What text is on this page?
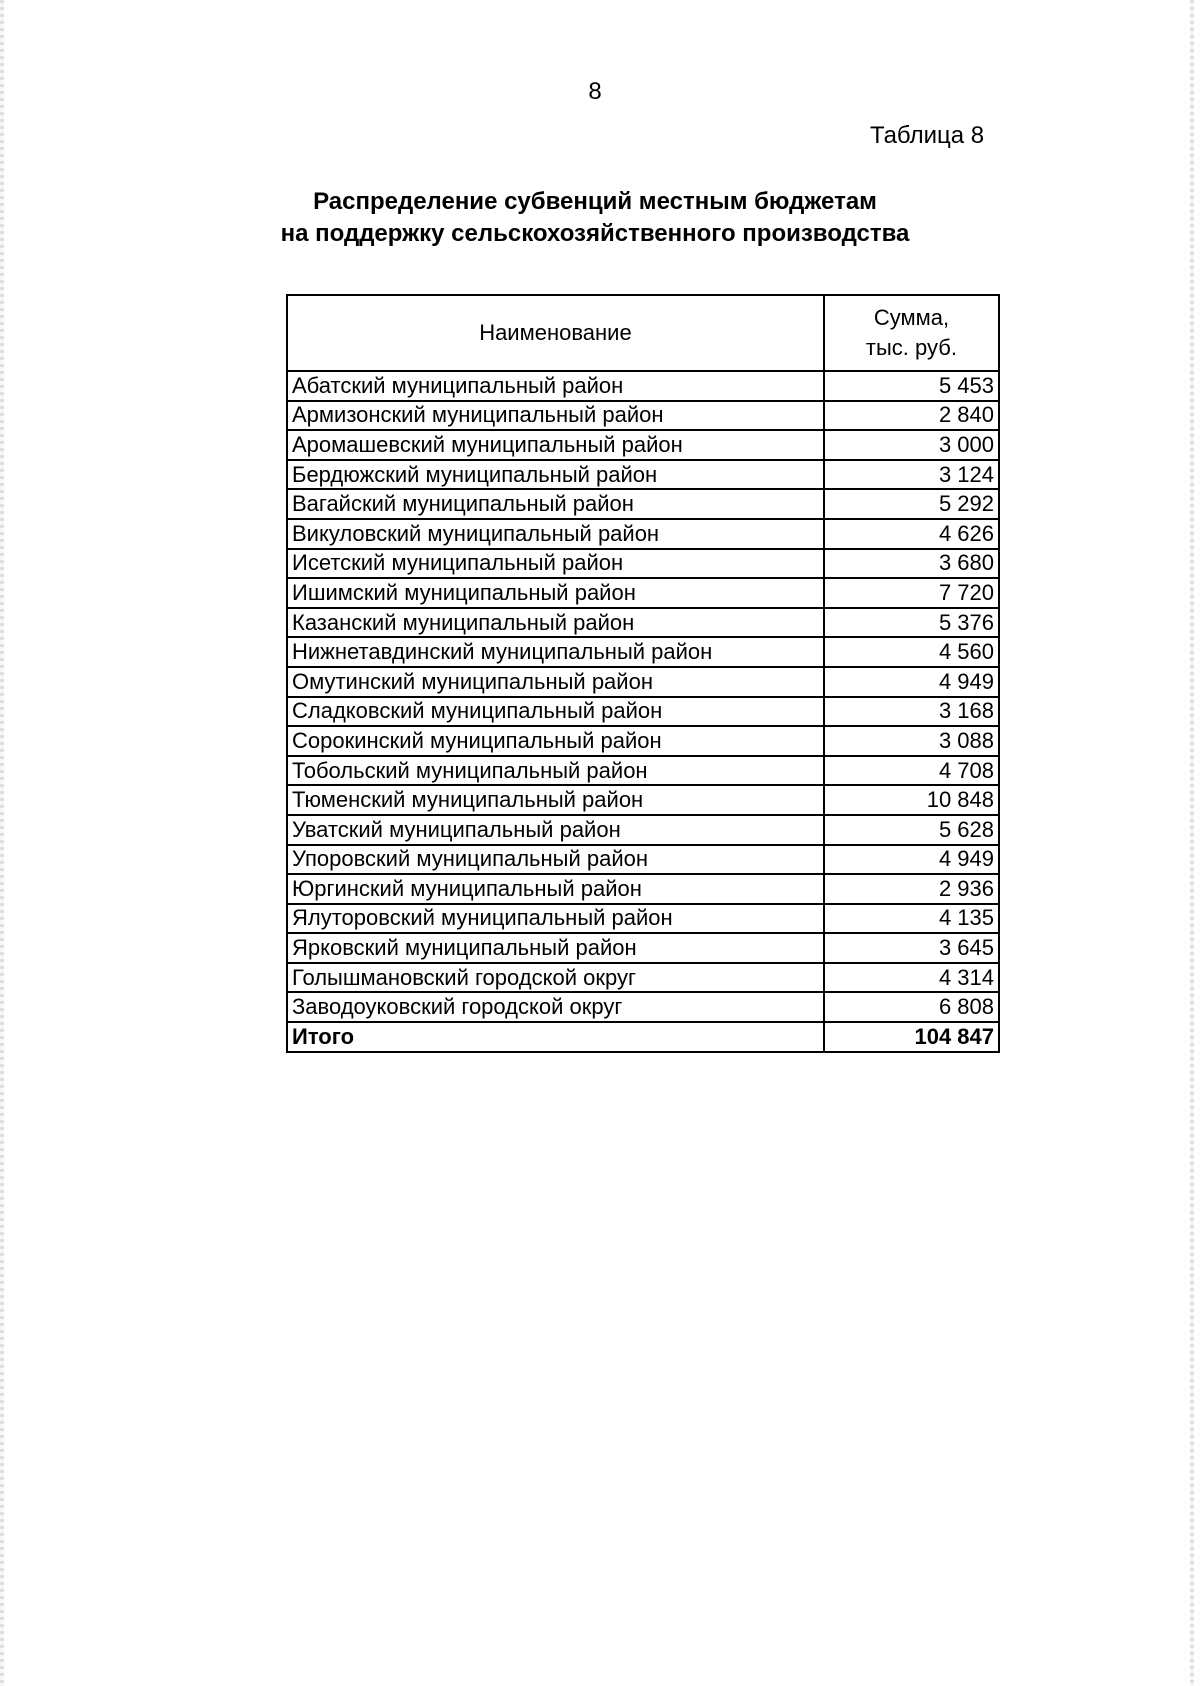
8
Таблица 8
Распределение субвенций местным бюджетам
на поддержку сельскохозяйственного производства
Наименование	Сумма,
тыс. руб.

Абатский муниципальный район	5 453
Армизонский муниципальный район	2 840
Аромашевский муниципальный район	3 000
Бердюжский муниципальный район	3 124
Вагайский муниципальный район	5 292
Викуловский муниципальный район	4 626
Исетский муниципальный район	3 680
Ишимский муниципальный район	7 720
Казанский муниципальный район	5 376
Нижнетавдинский муниципальный район	4 560
Омутинский муниципальный район	4 949
Сладковский муниципальный район	3 168
Сорокинский муниципальный район	3 088
Тобольский муниципальный район	4 708
Тюменский муниципальный район	10 848
Уватский муниципальный район	5 628
Упоровский муниципальный район	4 949
Юргинский муниципальный район	2 936
Ялуторовский муниципальный район	4 135
Ярковский муниципальный район	3 645
Голышмановский городской округ	4 314
Заводоуковский городской округ	6 808
Итого	104 847
